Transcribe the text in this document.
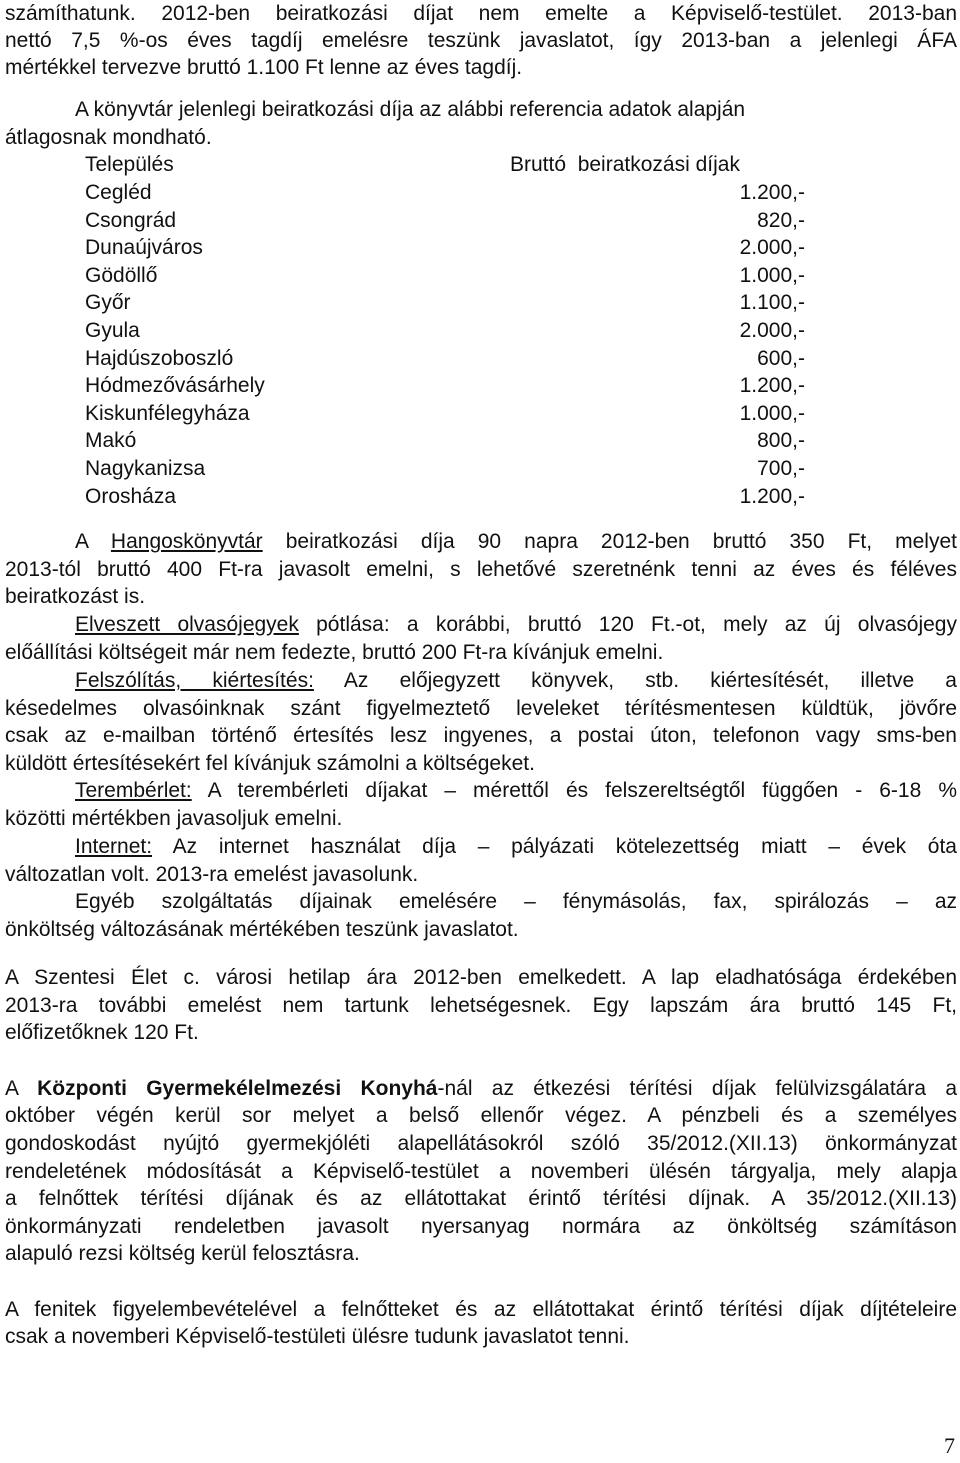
számíthatunk. 2012-ben beiratkozási díjat nem emelte a Képviselő-testület. 2013-ban
nettó 7,5 %-os éves tagdíj emelésre teszünk javaslatot, így 2013-ban a jelenlegi ÁFA
mértékkel tervezve bruttó 1.100 Ft lenne az éves tagdíj.
A könyvtár jelenlegi beiratkozási díja az alábbi referencia adatok alapján
átlagosnak mondható.
Település	Bruttó  beiratkozási díjak
Cegléd	1.200,-
Csongrád	820,-
Dunaújváros	2.000,-
Gödöllő	1.000,-
Győr	1.100,-
Gyula	2.000,-
Hajdúszoboszló	600,-
Hódmezővásárhely	1.200,-
Kiskunfélegyháza	1.000,-
Makó	800,-
Nagykanizsa	700,-
Orosháza	1.200,-
A Hangoskönyvtár beiratkozási díja 90 napra 2012-ben bruttó 350 Ft, melyet
2013-tól bruttó 400 Ft-ra javasolt emelni, s lehetővé szeretnénk tenni az éves és féléves
beiratkozást is.
Elveszett olvasójegyek pótlása: a korábbi, bruttó 120 Ft.-ot, mely az új olvasójegy
előállítási költségeit már nem fedezte, bruttó 200 Ft-ra kívánjuk emelni.
Felszólítás, kiértesítés: Az előjegyzett könyvek, stb. kiértesítését, illetve a
késedelmes olvasóinknak szánt figyelmeztető leveleket térítésmentesen küldtük, jövőre
csak az e-mailban történő értesítés lesz ingyenes, a postai úton, telefonon vagy sms-ben
küldött értesítésekért fel kívánjuk számolni a költségeket.
Terembérlet: A terembérleti díjakat – mérettől és felszereltségtől függően - 6-18 %
közötti mértékben javasoljuk emelni.
Internet: Az internet használat díja – pályázati kötelezettség miatt – évek óta
változatlan volt. 2013-ra emelést javasolunk.
Egyéb szolgáltatás díjainak emelésére – fénymásolás, fax, spirálozás – az
önköltség változásának mértékében teszünk javaslatot.
A Szentesi Élet c. városi hetilap ára 2012-ben emelkedett. A lap eladhatósága érdekében
2013-ra további emelést nem tartunk lehetségesnek. Egy lapszám ára bruttó 145 Ft,
előfizetőknek 120 Ft.
A Központi Gyermekélelmezési Konyhá-nál az étkezési térítési díjak felülvizsgálatára a
október végén kerül sor melyet a belső ellenőr végez. A pénzbeli és a személyes
gondoskodást nyújtó gyermekjóléti alapellátásokról szóló 35/2012.(XII.13) önkormányzat
rendeletének módosítását a Képviselő-testület a novemberi ülésén tárgyalja, mely alapja
a felnőttek térítési díjának és az ellátottakat érintő térítési díjnak. A 35/2012.(XII.13)
önkormányzati rendeletben javasolt nyersanyag normára az önköltség számításon
alapuló rezsi költség kerül felosztásra.
A fenitek figyelembevételével a felnőtteket és az ellátottakat érintő térítési díjak díjtételeire
csak a novemberi Képviselő-testületi ülésre tudunk javaslatot tenni.
7
